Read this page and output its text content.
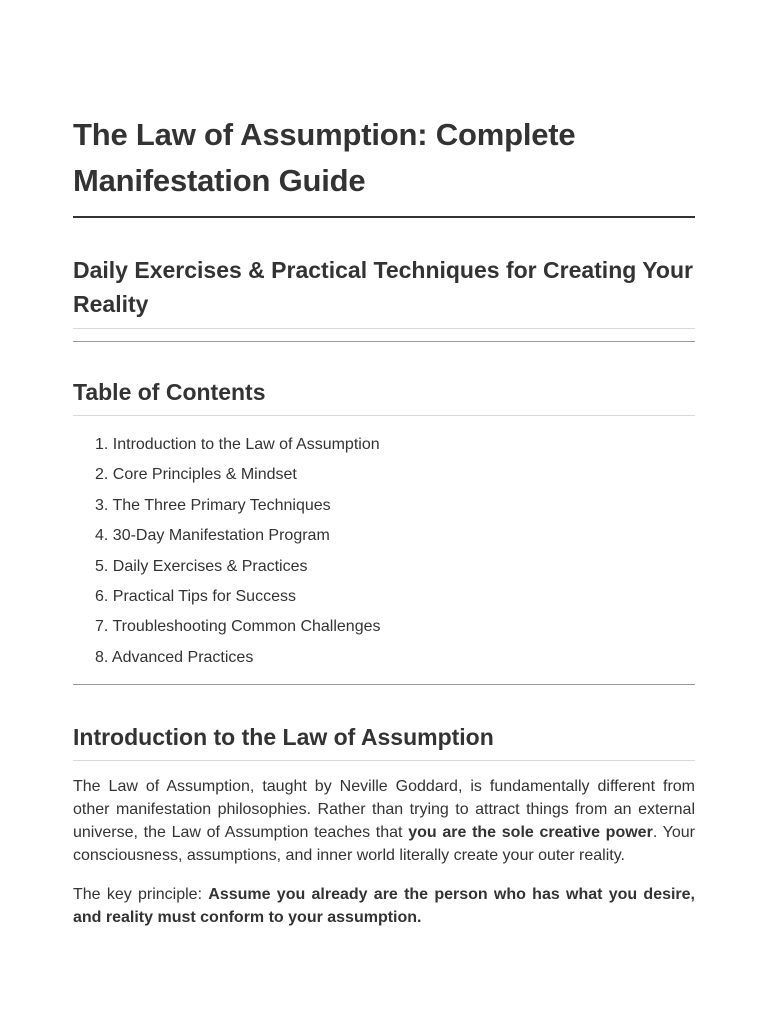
The Law of Assumption: Complete Manifestation Guide
Daily Exercises & Practical Techniques for Creating Your Reality
Table of Contents
1. Introduction to the Law of Assumption
2. Core Principles & Mindset
3. The Three Primary Techniques
4. 30-Day Manifestation Program
5. Daily Exercises & Practices
6. Practical Tips for Success
7. Troubleshooting Common Challenges
8. Advanced Practices
Introduction to the Law of Assumption

The Law of Assumption, taught by Neville Goddard, is fundamentally different from other manifestation philosophies. Rather than trying to attract things from an external universe, the Law of Assumption teaches that you are the sole creative power. Your consciousness, assumptions, and inner world literally create your outer reality.

The key principle: Assume you already are the person who has what you desire, and reality must conform to your assumption.
